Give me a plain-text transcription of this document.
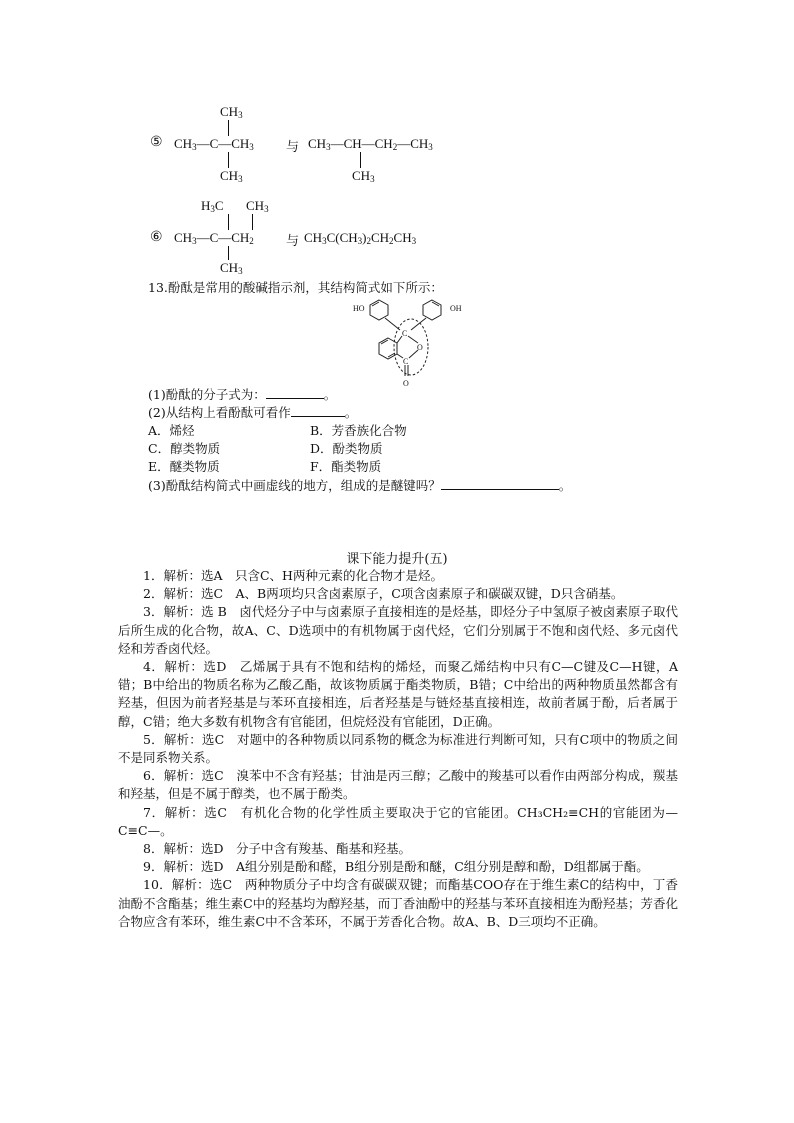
⑤
$CH_3$
$CH_3—C—CH_3$
$CH_3$
与 $CH_3—CH—CH_2—CH_3$
$CH_3$
⑥
$H_3C$ $CH_3$
$CH_3—C—CH_2$
$CH_3$
与 $CH_3C(CH_3)_2CH_2CH_3$
13.酚酞是常用的酸碱指示剂，其结构简式如下所示：
HO	OH
C
O
C
O
(1)酚酞的分子式为：	。
(2)从结构上看酚酞可看作	。
A．烯烃	B．芳香族化合物
C．醇类物质	D．酚类物质
E．醚类物质	F．酯类物质
(3)酚酞结构简式中画虚线的地方，组成的是醚键吗？	。
课下能力提升(五)

1．解析：选A　只含C、H两种元素的化合物才是烃。

2．解析：选C　A、B两项均只含卤素原子，C项含卤素原子和碳碳双键，D只含硝基。

3．解析：选 B　卤代烃分子中与卤素原子直接相连的是烃基，即烃分子中氢原子被卤素原子取代后所生成的化合物，故A、C、D选项中的有机物属于卤代烃，它们分别属于不饱和卤代烃、多元卤代烃和芳香卤代烃。

4．解析：选D　乙烯属于具有不饱和结构的烯烃，而聚乙烯结构中只有C—C键及C—H键，A错；B中给出的物质名称为乙酸乙酯，故该物质属于酯类物质，B错；C中给出的两种物质虽然都含有羟基，但因为前者羟基是与苯环直接相连，后者羟基是与链烃基直接相连，故前者属于酚，后者属于醇，C错；绝大多数有机物含有官能团，但烷烃没有官能团，D正确。

5．解析：选C　对题中的各种物质以同系物的概念为标准进行判断可知，只有C项中的物质之间不是同系物关系。

6．解析：选C　溴苯中不含有羟基；甘油是丙三醇；乙酸中的羧基可以看作由两部分构成，羰基和羟基，但是不属于醇类，也不属于酚类。

7．解析：选C　有机化合物的化学性质主要取决于它的官能团。CH₃CH₂≡CH的官能团为—C≡C—。

8．解析：选D　分子中含有羧基、酯基和羟基。

9．解析：选D　A组分别是酚和醛，B组分别是酚和醚，C组分别是醇和酚，D组都属于酯。

10．解析：选C　两种物质分子中均含有碳碳双键；而酯基COO存在于维生素C的结构中，丁香油酚不含酯基；维生素C中的羟基均为醇羟基，而丁香油酚中的羟基与苯环直接相连为酚羟基；芳香化合物应含有苯环，维生素C中不含苯环，不属于芳香化合物。故A、B、D三项均不正确。
